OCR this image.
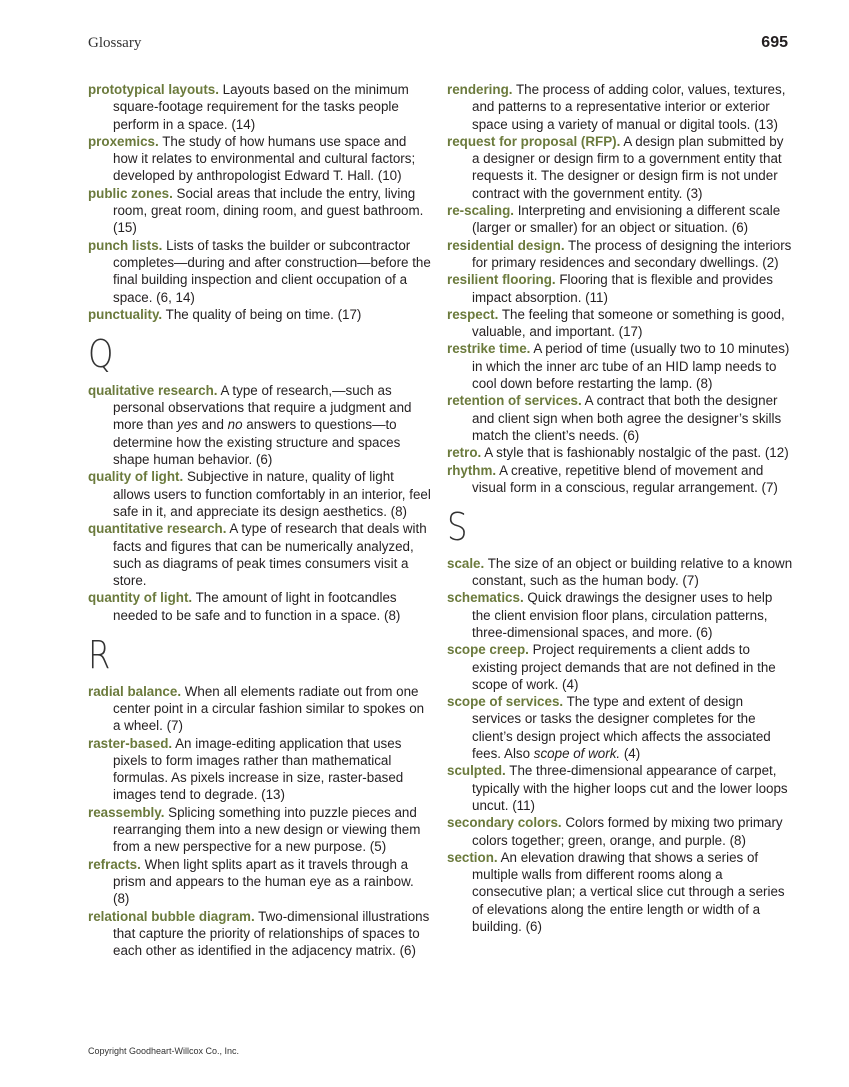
Glossary	695
prototypical layouts. Layouts based on the minimum square-footage requirement for the tasks people perform in a space. (14)
proxemics. The study of how humans use space and how it relates to environmental and cultural factors; developed by anthropologist Edward T. Hall. (10)
public zones. Social areas that include the entry, living room, great room, dining room, and guest bathroom. (15)
punch lists. Lists of tasks the builder or subcontractor completes—during and after construction—before the final building inspection and client occupation of a space. (6, 14)
punctuality. The quality of being on time. (17)
Q
qualitative research. A type of research,—such as personal observations that require a judgment and more than yes and no answers to questions—to determine how the existing structure and spaces shape human behavior. (6)
quality of light. Subjective in nature, quality of light allows users to function comfortably in an interior, feel safe in it, and appreciate its design aesthetics. (8)
quantitative research. A type of research that deals with facts and figures that can be numerically analyzed, such as diagrams of peak times consumers visit a store.
quantity of light. The amount of light in footcandles needed to be safe and to function in a space. (8)
R
radial balance. When all elements radiate out from one center point in a circular fashion similar to spokes on a wheel. (7)
raster-based. An image-editing application that uses pixels to form images rather than mathematical formulas. As pixels increase in size, raster-based images tend to degrade. (13)
reassembly. Splicing something into puzzle pieces and rearranging them into a new design or viewing them from a new perspective for a new purpose. (5)
refracts. When light splits apart as it travels through a prism and appears to the human eye as a rainbow. (8)
relational bubble diagram. Two-dimensional illustrations that capture the priority of relationships of spaces to each other as identified in the adjacency matrix. (6)
rendering. The process of adding color, values, textures, and patterns to a representative interior or exterior space using a variety of manual or digital tools. (13)
request for proposal (RFP). A design plan submitted by a designer or design firm to a government entity that requests it. The designer or design firm is not under contract with the government entity. (3)
re-scaling. Interpreting and envisioning a different scale (larger or smaller) for an object or situation. (6)
residential design. The process of designing the interiors for primary residences and secondary dwellings. (2)
resilient flooring. Flooring that is flexible and provides impact absorption. (11)
respect. The feeling that someone or something is good, valuable, and important. (17)
restrike time. A period of time (usually two to 10 minutes) in which the inner arc tube of an HID lamp needs to cool down before restarting the lamp. (8)
retention of services. A contract that both the designer and client sign when both agree the designer’s skills match the client’s needs. (6)
retro. A style that is fashionably nostalgic of the past. (12)
rhythm. A creative, repetitive blend of movement and visual form in a conscious, regular arrangement. (7)
S
scale. The size of an object or building relative to a known constant, such as the human body. (7)
schematics. Quick drawings the designer uses to help the client envision floor plans, circulation patterns, three-dimensional spaces, and more. (6)
scope creep. Project requirements a client adds to existing project demands that are not defined in the scope of work. (4)
scope of services. The type and extent of design services or tasks the designer completes for the client’s design project which affects the associated fees. Also scope of work. (4)
sculpted. The three-dimensional appearance of carpet, typically with the higher loops cut and the lower loops uncut. (11)
secondary colors. Colors formed by mixing two primary colors together; green, orange, and purple. (8)
section. An elevation drawing that shows a series of multiple walls from different rooms along a consecutive plan; a vertical slice cut through a series of elevations along the entire length or width of a building. (6)
Copyright Goodheart-Willcox Co., Inc.
